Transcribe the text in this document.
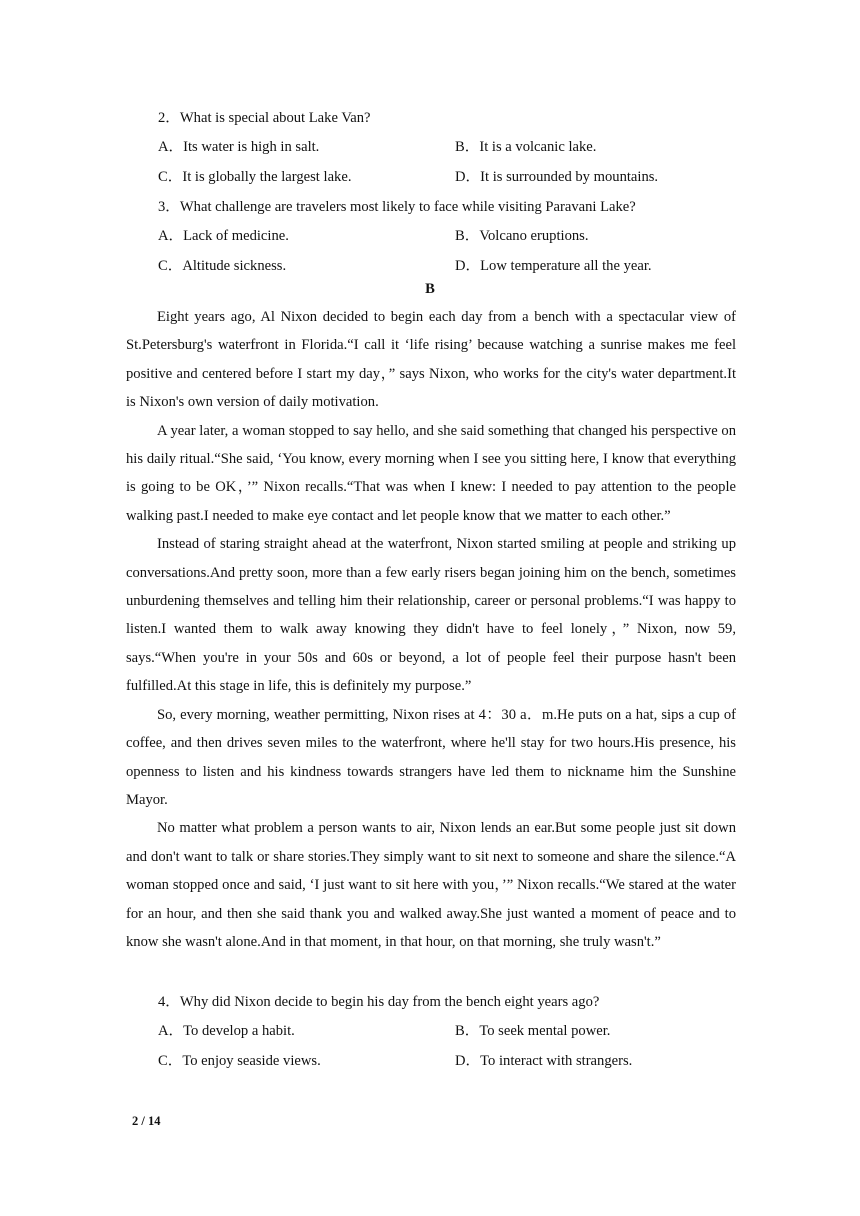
2．What is special about Lake Van?
A．Its water is high in salt.	B．It is a volcanic lake.
C．It is globally the largest lake.	D．It is surrounded by mountains.
3．What challenge are travelers most likely to face while visiting Paravani Lake?
A．Lack of medicine.	B．Volcano eruptions.
C．Altitude sickness.	D．Low temperature all the year.
B

Eight years ago, Al Nixon decided to begin each day from a bench with a spectacular view of St.Petersburg's waterfront in Florida.“I call it ‘life rising’ because watching a sunrise makes me feel positive and centered before I start my day，” says Nixon, who works for the city's water department.It is Nixon's own version of daily motivation.

A year later, a woman stopped to say hello, and she said something that changed his perspective on his daily ritual.“She said, ‘You know, every morning when I see you sitting here, I know that everything is going to be OK，’” Nixon recalls.“That was when I knew: I needed to pay attention to the people walking past.I needed to make eye contact and let people know that we matter to each other.”

Instead of staring straight ahead at the waterfront, Nixon started smiling at people and striking up conversations.And pretty soon, more than a few early risers began joining him on the bench, sometimes unburdening themselves and telling him their relationship, career or personal problems.“I was happy to listen.I wanted them to walk away knowing they didn't have to feel lonely，” Nixon, now 59, says.“When you're in your 50s and 60s or beyond, a lot of people feel their purpose hasn't been fulfilled.At this stage in life, this is definitely my purpose.”

So, every morning, weather permitting, Nixon rises at 4：30 a．m.He puts on a hat, sips a cup of coffee, and then drives seven miles to the waterfront, where he'll stay for two hours.His presence, his openness to listen and his kindness towards strangers have led them to nickname him the Sunshine Mayor.

No matter what problem a person wants to air, Nixon lends an ear.But some people just sit down and don't want to talk or share stories.They simply want to sit next to someone and share the silence.“A woman stopped once and said, ‘I just want to sit here with you，’” Nixon recalls.“We stared at the water for an hour, and then she said thank you and walked away.She just wanted a moment of peace and to know she wasn't alone.And in that moment, in that hour, on that morning, she truly wasn't.”

4．Why did Nixon decide to begin his day from the bench eight years ago?
A．To develop a habit.	B．To seek mental power.
C．To enjoy seaside views.	D．To interact with strangers.
2 / 14
